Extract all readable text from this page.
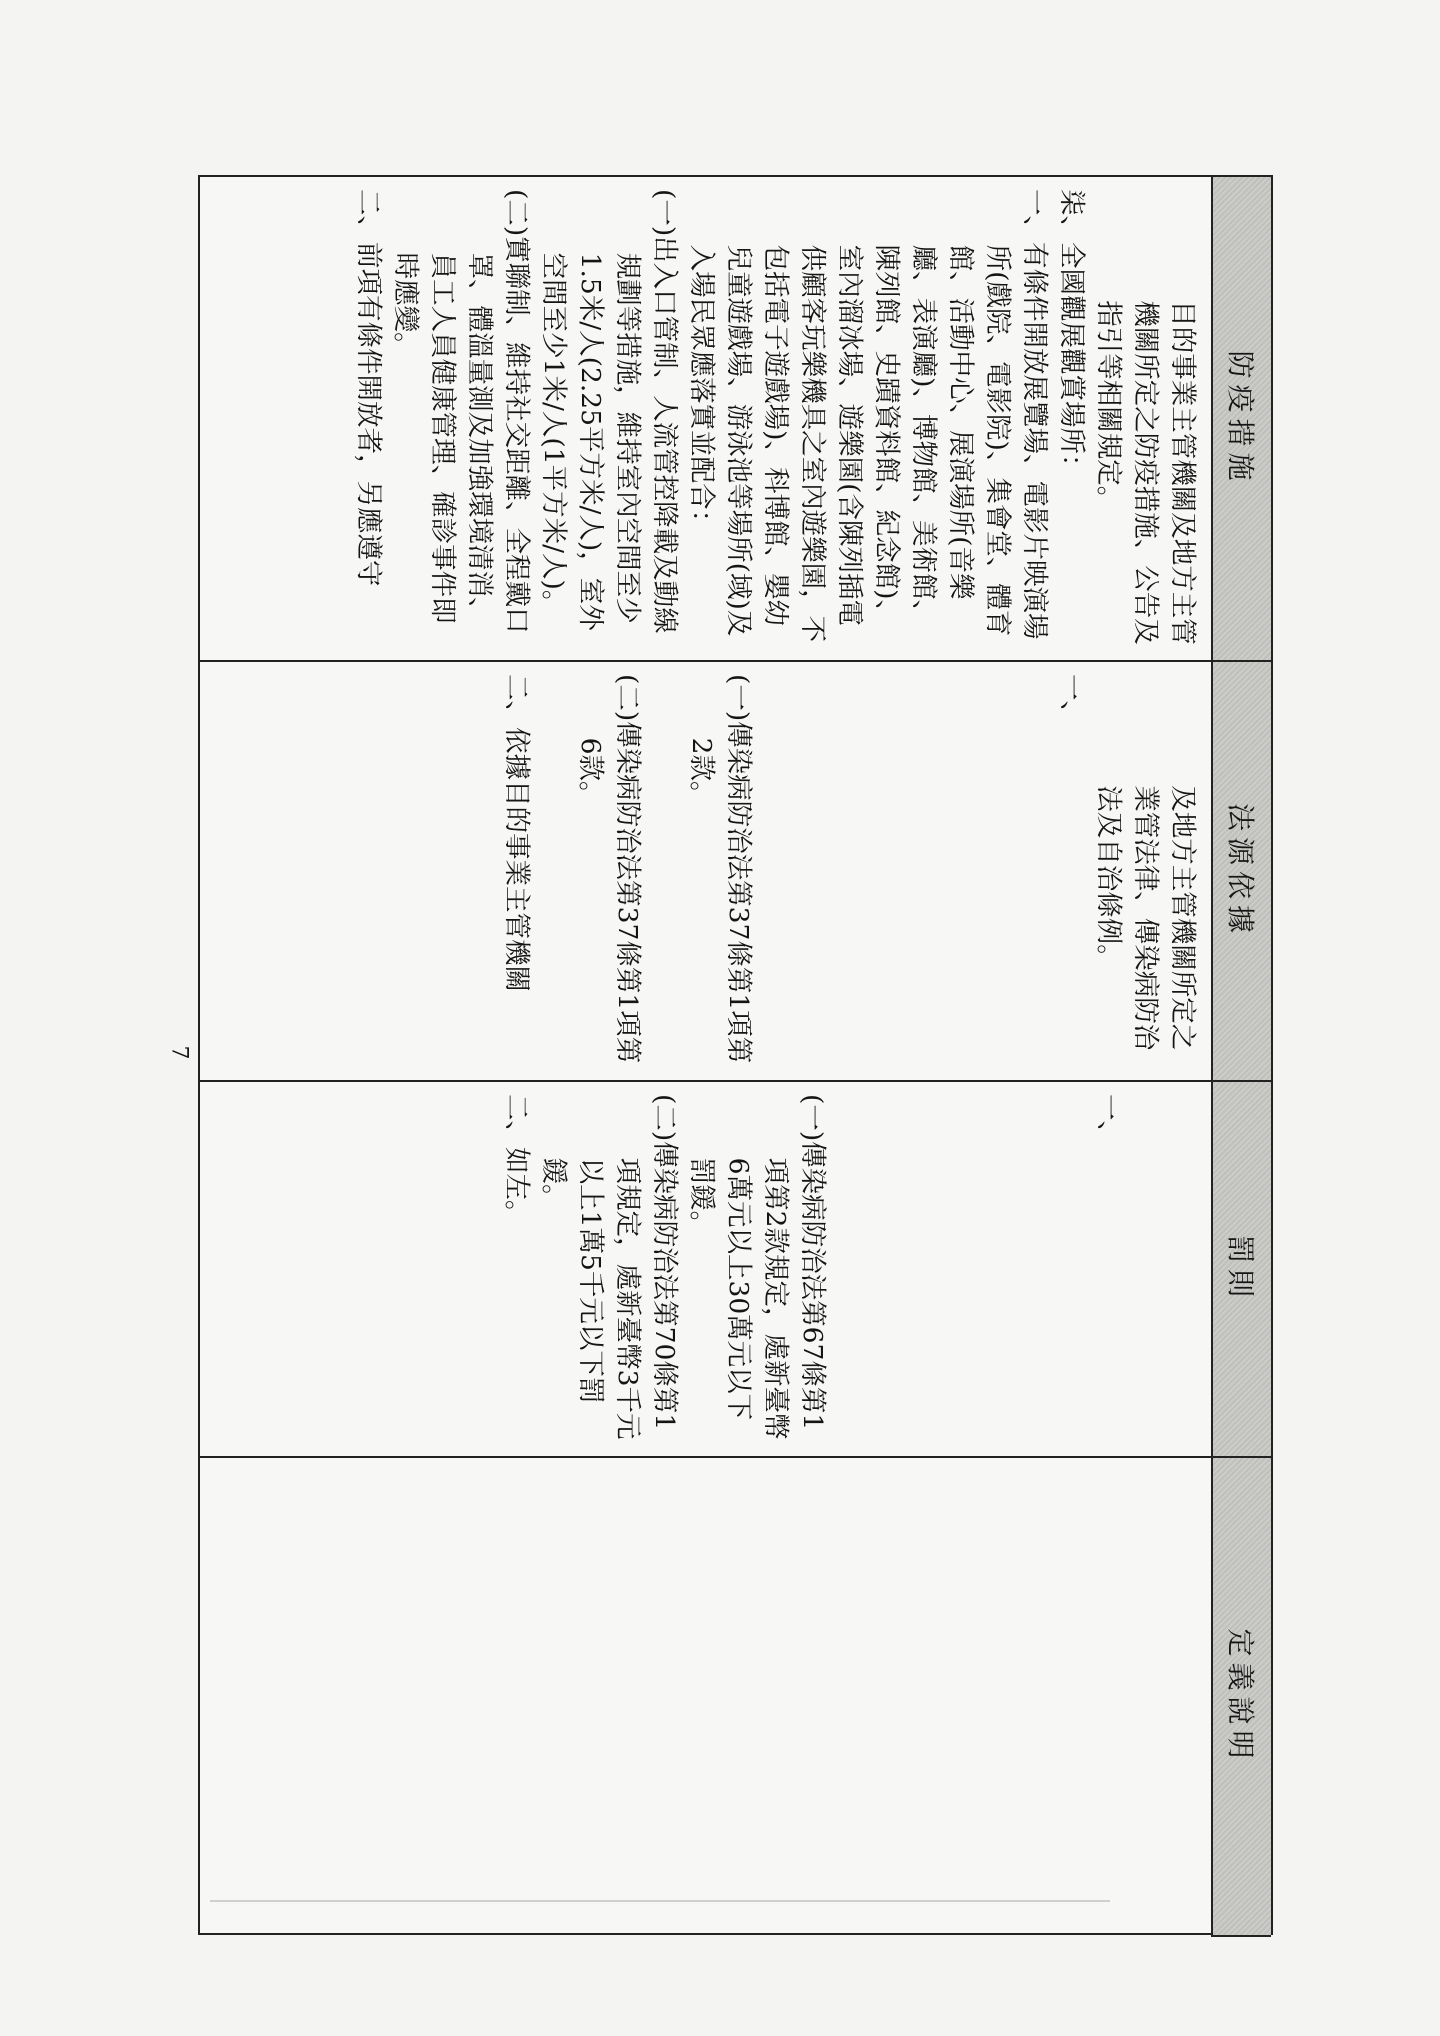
防疫措施
法源依據
罰則
定義說明

目的事業主管機關及地方主管機關所定之防疫措施、公告及指引等相關規定。

柒、全國觀展觀賞場所：

一、有條件開放展覽場、電影片映演場所(戲院、電影院)、集會堂、體育館、活動中心、展演場所(音樂廳、表演廳)、博物館、美術館、陳列館、史蹟資料館、紀念館)、室內溜冰場、遊樂園(含陳列插電供顧客玩樂機具之室內遊樂園，不包括電子遊戲場)、科博館、嬰幼兒童遊戲場、游泳池等場所(域)及入場民眾應落實並配合：

(一)出入口管制、人流管控降載及動線規劃等措施，維持室內空間至少1.5米/人(2.25平方米/人)，室外空間至少1米/人(1平方米/人)。

(二)實聯制、維持社交距離、全程戴口罩、體溫量測及加強環境清消、員工人員健康管理、確診事件即時應變。

二、前項有條件開放者，另應遵守

及地方主管機關所定之業管法律、傳染病防治法及自治條例。

一、

(一)傳染病防治法第37條第1項第2款。

(二)傳染病防治法第37條第1項第6款。

二、依據目的事業主管機關

一、

(一)傳染病防治法第67條第1項第2款規定，處新臺幣6萬元以上30萬元以下罰鍰。

(二)傳染病防治法第70條第1項規定，處新臺幣3千元以上1萬5千元以下罰鍰。

二、如左。

7
